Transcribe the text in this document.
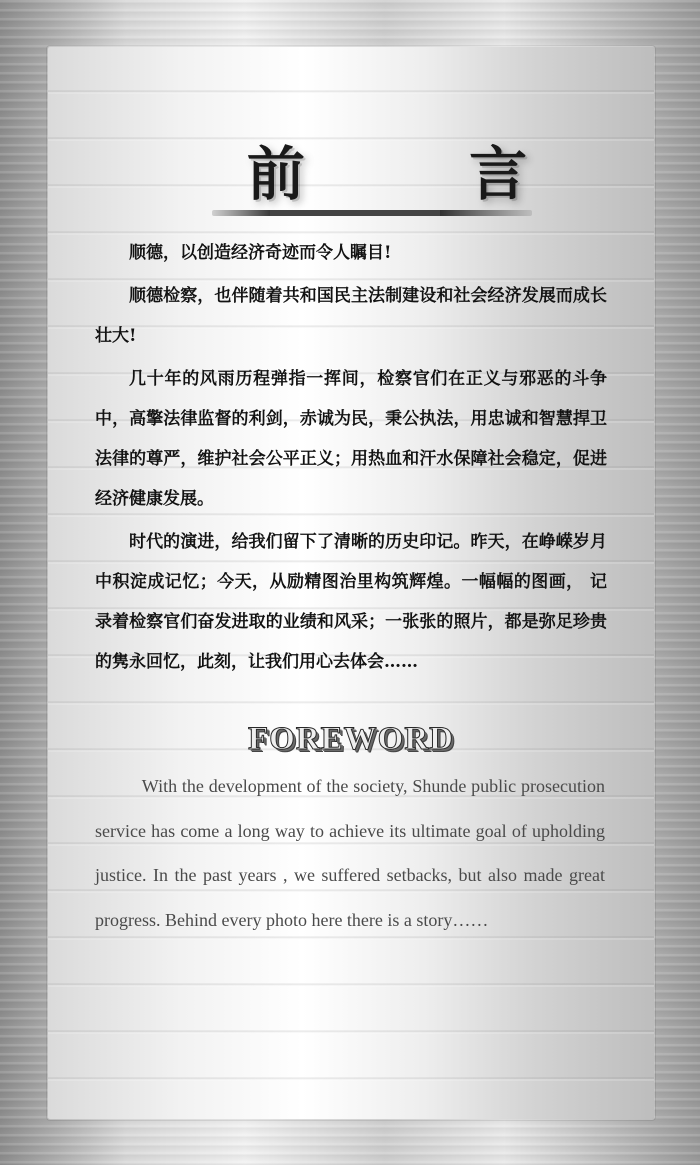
前 言

顺德，以创造经济奇迹而令人瞩目!

顺德检察，也伴随着共和国民主法制建设和社会经济发展而成长壮大!

几十年的风雨历程弹指一挥间，检察官们在正义与邪恶的斗争中，高擎法律监督的利剑，赤诚为民，秉公执法，用忠诚和智慧捍卫法律的尊严，维护社会公平正义；用热血和汗水保障社会稳定，促进经济健康发展。

时代的演进，给我们留下了清晰的历史印记。昨天，在峥嵘岁月中积淀成记忆；今天，从励精图治里构筑辉煌。一幅幅的图画， 记录着检察官们奋发进取的业绩和风采；一张张的照片，都是弥足珍贵的隽永回忆，此刻，让我们用心去体会……

FOREWORD
With the development of the society, Shunde public prosecution service has come a long way to achieve its ultimate goal of upholding justice. In the past years , we suffered setbacks, but also made great progress. Behind every photo here there is a story……
